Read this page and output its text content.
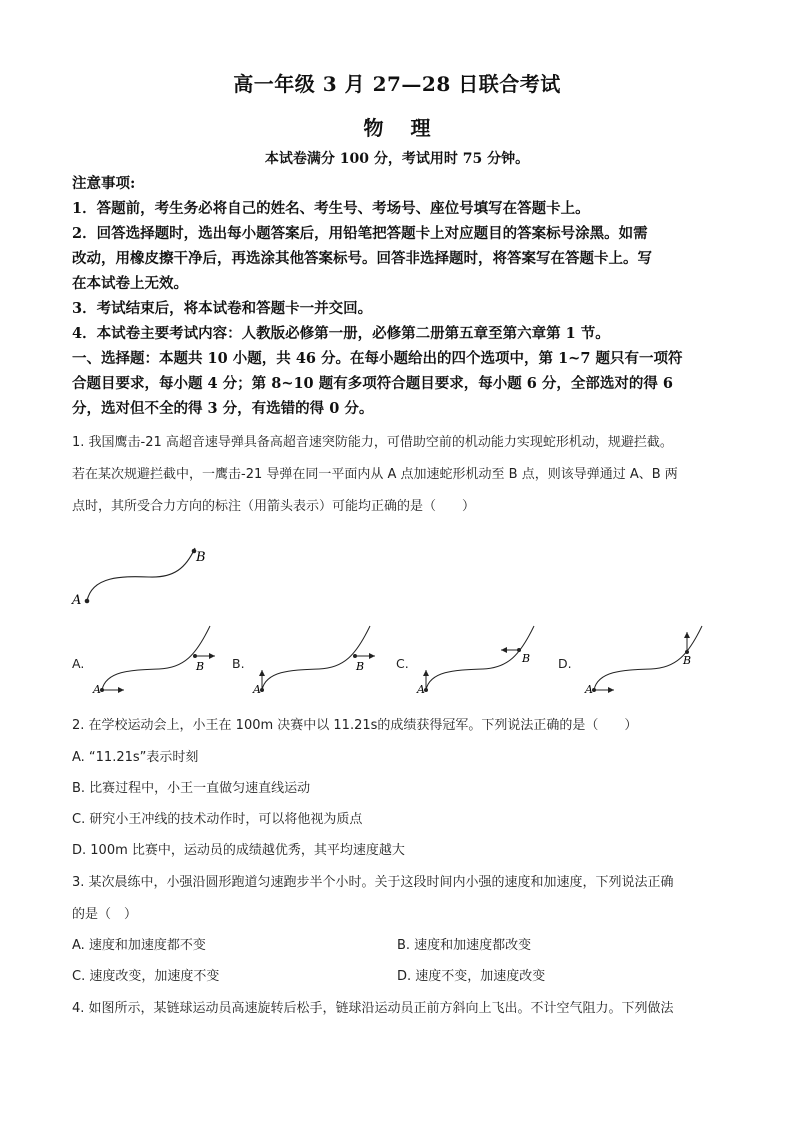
高一年级 3 月 27—28 日联合考试
物 理
本试卷满分 100 分，考试用时 75 分钟。
注意事项:
1．答题前，考生务必将自己的姓名、考生号、考场号、座位号填写在答题卡上。
2．回答选择题时，选出每小题答案后，用铅笔把答题卡上对应题目的答案标号涂黑。如需
改动，用橡皮擦干净后，再选涂其他答案标号。回答非选择题时，将答案写在答题卡上。写
在本试卷上无效。
3．考试结束后，将本试卷和答题卡一并交回。
4．本试卷主要考试内容：人教版必修第一册，必修第二册第五章至第六章第 1 节。
一、选择题：本题共 10 小题，共 46 分。在每小题给出的四个选项中，第 1~7 题只有一项符
合题目要求，每小题 4 分；第 8~10 题有多项符合题目要求，每小题 6 分，全部选对的得 6
分，选对但不全的得 3 分，有选错的得 0 分。
1. 我国鹰击-21 高超音速导弹具备高超音速突防能力，可借助空前的机动能力实现蛇形机动，规避拦截。
若在某次规避拦截中，一鹰击-21 导弹在同一平面内从 A 点加速蛇形机动至 B 点，则该导弹通过 A、B 两
点时，其所受合力方向的标注（用箭头表示）可能均正确的是（　　）
A
B
A.
A
B B.
A
B	C.
A
B D.
A
B
2. 在学校运动会上，小王在 100m 决赛中以 11.21s的成绩获得冠军。下列说法正确的是（　　）
A. “11.21s”表示时刻
B. 比赛过程中，小王一直做匀速直线运动
C. 研究小王冲线的技术动作时，可以将他视为质点
D. 100m 比赛中，运动员的成绩越优秀，其平均速度越大
3. 某次晨练中，小强沿圆形跑道匀速跑步半个小时。关于这段时间内小强的速度和加速度，下列说法正确
的是（　）
A. 速度和加速度都不变	B. 速度和加速度都改变
C. 速度改变，加速度不变	D. 速度不变，加速度改变
4. 如图所示，某链球运动员高速旋转后松手，链球沿运动员正前方斜向上飞出。不计空气阻力。下列做法
